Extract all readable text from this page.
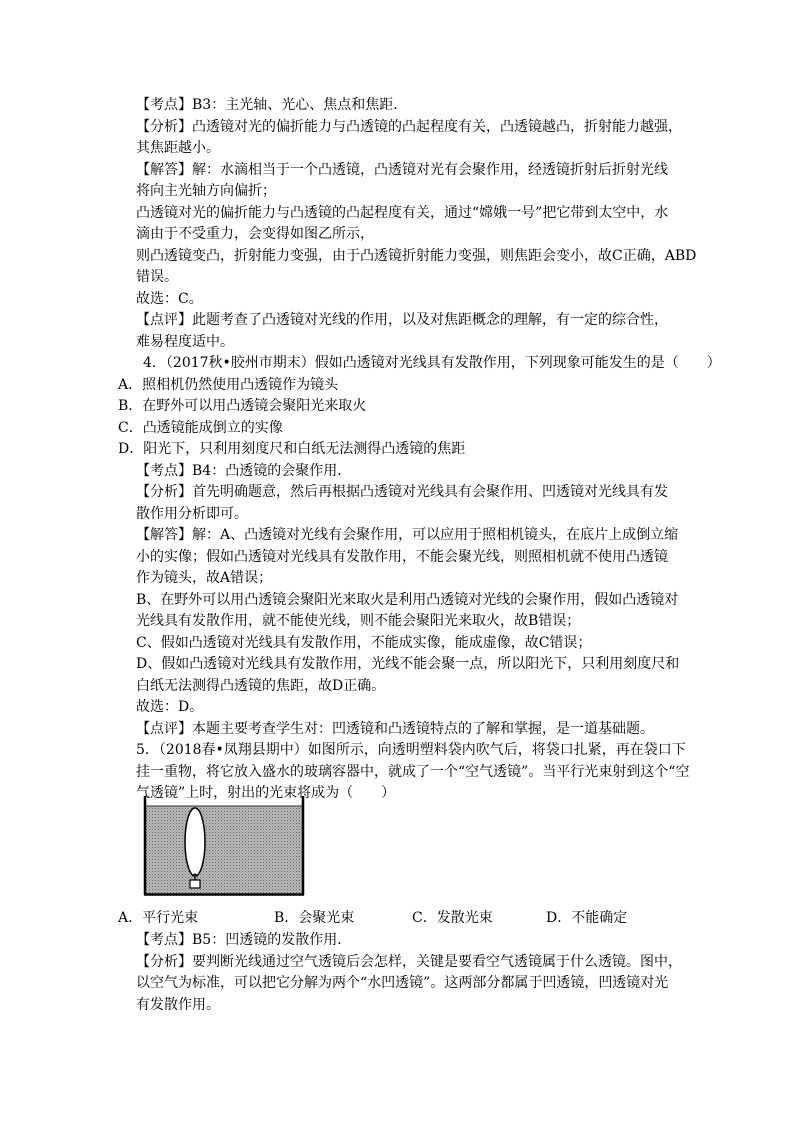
【考点】B3：主光轴、光心、焦点和焦距．
【分析】凸透镜对光的偏折能力与凸透镜的凸起程度有关，凸透镜越凸，折射能力越强，
其焦距越小。
【解答】解：水滴相当于一个凸透镜，凸透镜对光有会聚作用，经透镜折射后折射光线
将向主光轴方向偏折；
凸透镜对光的偏折能力与凸透镜的凸起程度有关，通过“嫦娥一号”把它带到太空中，水
滴由于不受重力，会变得如图乙所示，
则凸透镜变凸，折射能力变强，由于凸透镜折射能力变强，则焦距会变小，故C正确，ABD
错误。
故选：C。
【点评】此题考查了凸透镜对光线的作用，以及对焦距概念的理解，有一定的综合性，
难易程度适中。
4．（2017秋•胶州市期末）假如凸透镜对光线具有发散作用，下列现象可能发生的是（　　）
A．照相机仍然使用凸透镜作为镜头
B．在野外可以用凸透镜会聚阳光来取火
C．凸透镜能成倒立的实像
D．阳光下，只利用刻度尺和白纸无法测得凸透镜的焦距
【考点】B4：凸透镜的会聚作用．
【分析】首先明确题意，然后再根据凸透镜对光线具有会聚作用、凹透镜对光线具有发
散作用分析即可。
【解答】解：A、凸透镜对光线有会聚作用，可以应用于照相机镜头，在底片上成倒立缩
小的实像；假如凸透镜对光线具有发散作用，不能会聚光线，则照相机就不使用凸透镜
作为镜头，故A错误；
B、在野外可以用凸透镜会聚阳光来取火是利用凸透镜对光线的会聚作用，假如凸透镜对
光线具有发散作用，就不能使光线，则不能会聚阳光来取火，故B错误；
C、假如凸透镜对光线具有发散作用，不能成实像，能成虚像，故C错误；
D、假如凸透镜对光线具有发散作用，光线不能会聚一点，所以阳光下，只利用刻度尺和
白纸无法测得凸透镜的焦距，故D正确。
故选：D。
【点评】本题主要考查学生对：凹透镜和凸透镜特点的了解和掌握，是一道基础题。
5．（2018春•凤翔县期中）如图所示，向透明塑料袋内吹气后，将袋口扎紧，再在袋口下
挂一重物，将它放入盛水的玻璃容器中，就成了一个“空气透镜”。当平行光束射到这个“空
气透镜”上时，射出的光束将成为（　　）
A．平行光束	B．会聚光束	C．发散光束	D．不能确定
【考点】B5：凹透镜的发散作用．
【分析】要判断光线通过空气透镜后会怎样，关键是要看空气透镜属于什么透镜。图中，
以空气为标准，可以把它分解为两个“水凹透镜”。这两部分都属于凹透镜，凹透镜对光
有发散作用。
